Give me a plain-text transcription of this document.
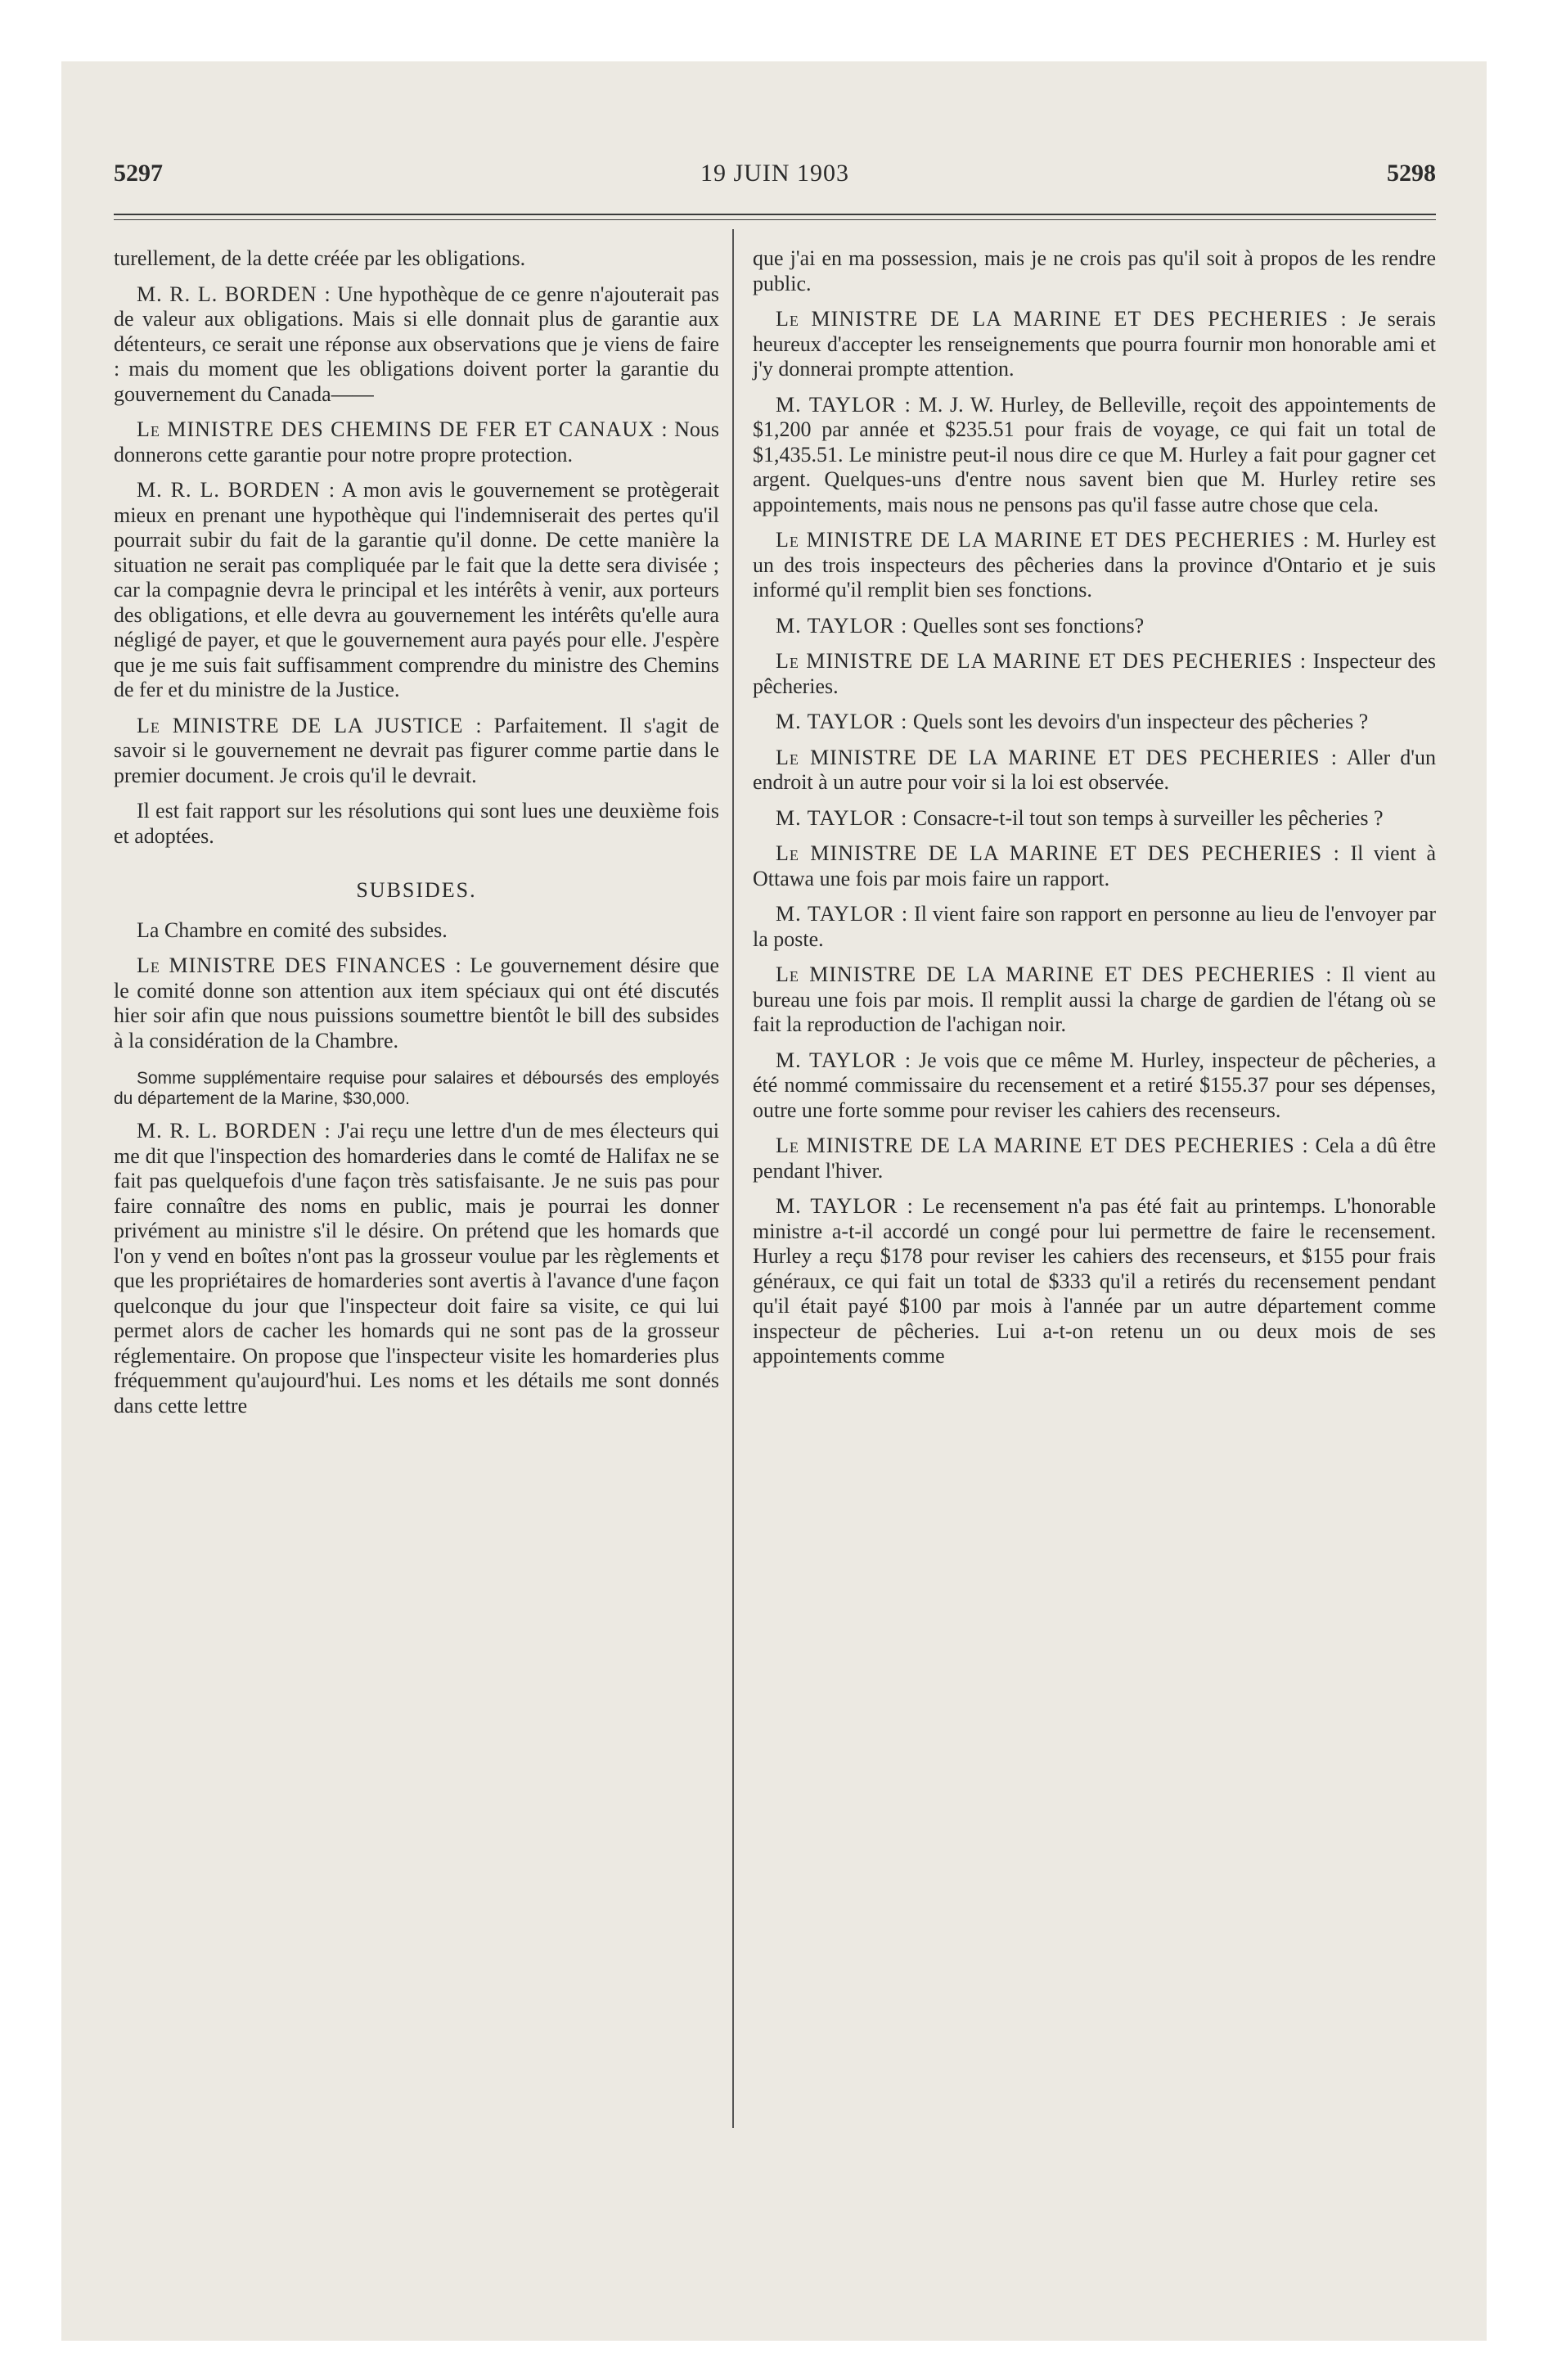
5297	19 JUIN 1903	5298

turellement, de la dette créée par les obligations.

M. R. L. BORDEN : Une hypothèque de ce genre n'ajouterait pas de valeur aux obligations. Mais si elle donnait plus de garantie aux détenteurs, ce serait une réponse aux observations que je viens de faire : mais du moment que les obligations doivent porter la garantie du gouvernement du Canada——

Le MINISTRE DES CHEMINS DE FER ET CANAUX : Nous donnerons cette garantie pour notre propre protection.

M. R. L. BORDEN : A mon avis le gouvernement se protègerait mieux en prenant une hypothèque qui l'indemniserait des pertes qu'il pourrait subir du fait de la garantie qu'il donne. De cette manière la situation ne serait pas compliquée par le fait que la dette sera divisée ; car la compagnie devra le principal et les intérêts à venir, aux porteurs des obligations, et elle devra au gouvernement les intérêts qu'elle aura négligé de payer, et que le gouvernement aura payés pour elle. J'espère que je me suis fait suffisamment comprendre du ministre des Chemins de fer et du ministre de la Justice.

Le MINISTRE DE LA JUSTICE : Parfaitement. Il s'agit de savoir si le gouvernement ne devrait pas figurer comme partie dans le premier document. Je crois qu'il le devrait.

Il est fait rapport sur les résolutions qui sont lues une deuxième fois et adoptées.

SUBSIDES.

La Chambre en comité des subsides.

Le MINISTRE DES FINANCES : Le gouvernement désire que le comité donne son attention aux item spéciaux qui ont été discutés hier soir afin que nous puissions soumettre bientôt le bill des subsides à la considération de la Chambre.

Somme supplémentaire requise pour salaires et déboursés des employés du département de la Marine, $30,000.

M. R. L. BORDEN : J'ai reçu une lettre d'un de mes électeurs qui me dit que l'inspection des homarderies dans le comté de Halifax ne se fait pas quelquefois d'une façon très satisfaisante. Je ne suis pas pour faire connaître des noms en public, mais je pourrai les donner privément au ministre s'il le désire. On prétend que les homards que l'on y vend en boîtes n'ont pas la grosseur voulue par les règlements et que les propriétaires de homarderies sont avertis à l'avance d'une façon quelconque du jour que l'inspecteur doit faire sa visite, ce qui lui permet alors de cacher les homards qui ne sont pas de la grosseur réglementaire. On propose que l'inspecteur visite les homarderies plus fréquemment qu'aujourd'hui. Les noms et les détails me sont donnés dans cette lettre

que j'ai en ma possession, mais je ne crois pas qu'il soit à propos de les rendre public.

Le MINISTRE DE LA MARINE ET DES PECHERIES : Je serais heureux d'accepter les renseignements que pourra fournir mon honorable ami et j'y donnerai prompte attention.

M. TAYLOR : M. J. W. Hurley, de Belleville, reçoit des appointements de $1,200 par année et $235.51 pour frais de voyage, ce qui fait un total de $1,435.51. Le ministre peut-il nous dire ce que M. Hurley a fait pour gagner cet argent. Quelques-uns d'entre nous savent bien que M. Hurley retire ses appointements, mais nous ne pensons pas qu'il fasse autre chose que cela.

Le MINISTRE DE LA MARINE ET DES PECHERIES : M. Hurley est un des trois inspecteurs des pêcheries dans la province d'Ontario et je suis informé qu'il remplit bien ses fonctions.

M. TAYLOR : Quelles sont ses fonctions?

Le MINISTRE DE LA MARINE ET DES PECHERIES : Inspecteur des pêcheries.

M. TAYLOR : Quels sont les devoirs d'un inspecteur des pêcheries ?

Le MINISTRE DE LA MARINE ET DES PECHERIES : Aller d'un endroit à un autre pour voir si la loi est observée.

M. TAYLOR : Consacre-t-il tout son temps à surveiller les pêcheries ?

Le MINISTRE DE LA MARINE ET DES PECHERIES : Il vient à Ottawa une fois par mois faire un rapport.

M. TAYLOR : Il vient faire son rapport en personne au lieu de l'envoyer par la poste.

Le MINISTRE DE LA MARINE ET DES PECHERIES : Il vient au bureau une fois par mois. Il remplit aussi la charge de gardien de l'étang où se fait la reproduction de l'achigan noir.

M. TAYLOR : Je vois que ce même M. Hurley, inspecteur de pêcheries, a été nommé commissaire du recensement et a retiré $155.37 pour ses dépenses, outre une forte somme pour reviser les cahiers des recenseurs.

Le MINISTRE DE LA MARINE ET DES PECHERIES : Cela a dû être pendant l'hiver.

M. TAYLOR : Le recensement n'a pas été fait au printemps. L'honorable ministre a-t-il accordé un congé pour lui permettre de faire le recensement. Hurley a reçu $178 pour reviser les cahiers des recenseurs, et $155 pour frais généraux, ce qui fait un total de $333 qu'il a retirés du recensement pendant qu'il était payé $100 par mois à l'année par un autre département comme inspecteur de pêcheries. Lui a-t-on retenu un ou deux mois de ses appointements comme
